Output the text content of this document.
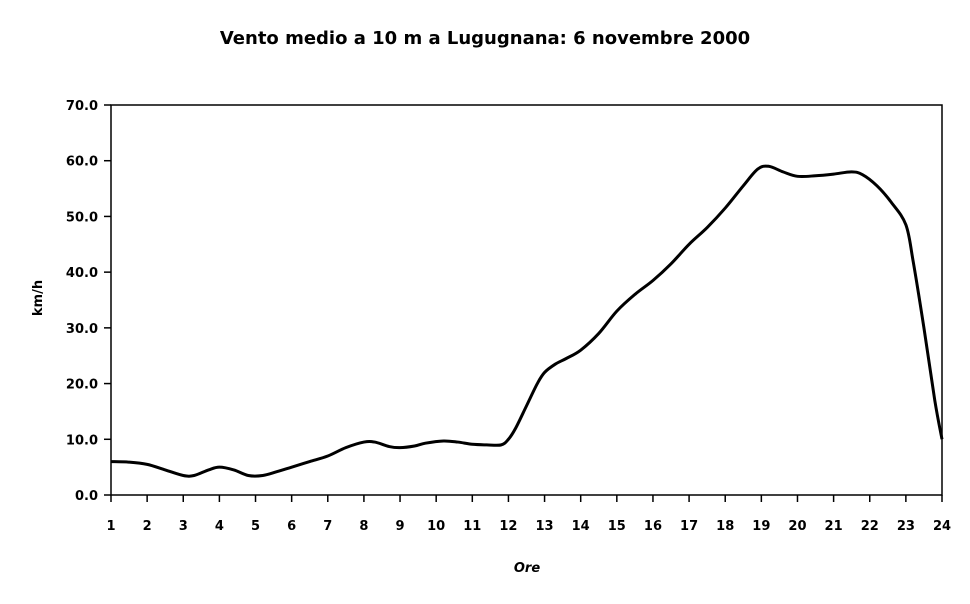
Vento medio a 10 m a Lugugnana: 6 novembre 2000
0.0
10.0
20.0
30.0
40.0
50.0
60.0
70.0
1 2 3 4 5 6 7 8 9 10 11 12 13 14 15 16 17 18 19 20 21 22 23 24
Ore
km/h
